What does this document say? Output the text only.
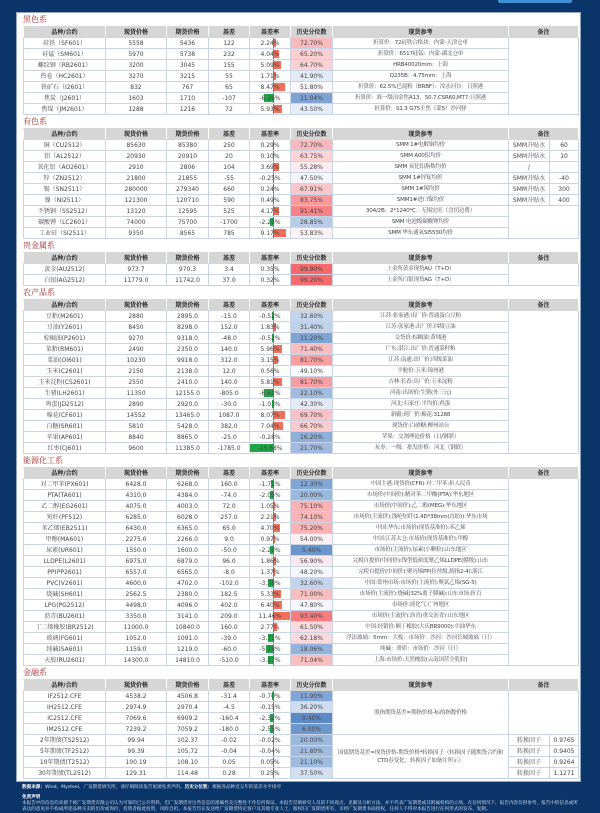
黑色系
品种/合约	现货价格	期货价格	基差	基差率	历史分位数	现货参考	备注
硅铁（SF601）	5558	5436	122	2.24%	72.70%	折算价：72硅铁合格块：内蒙-天津仓单	
硅锰（SM601）	5970	5738	232	4.04%	65.20%	折算价：6517硅锰：内蒙-湖北仓单	
螺纹钢（RB2601）	3200	3045	155	5.09%	64.70%	HRB40020mm：上海	
热卷（HC2601）	3270	3215	55	1.71%	41.90%	Q235B：4.75mm：上海	
铁矿石（I2601）	832	767	65	8.47%	51.80%	折算价：62.5%巴混粉（BRBF）：汝水河谷：日照港	
焦炭（J2601）	1603	1710	-107	-6.26%	11.04%	折算价：准一级冶金焦A13，S0.7,CSR60,MT7:日照港	
焦煤（JM2601）	1288	1216	72	5.93%	43.50%	折算价：S1.3 G75主焦（蒙5）沙河驿	
有色系
品种/合约	现货价格	期货价格	基差	基差率	历史分位数	现货参考	备注	
铜（CU2512）	85630	85380	250	0.29%	72.70%	SMM 1#电解铜均价	SMM升贴水	60
铝（AL2512）	20930	20910	20	0.10%	63.75%	SMM A00铝均价	SMM升贴水	10
氧化铝（AO2601）	2910	2806	104	3.69%	55.28%	SMM 氧化铝指数均价	/	
锌（ZN2512）	21800	21855	-55	-0.25%	47.50%	SMM 1#锌锭均价	SMM升贴水	-40
锡（SN2511）	280000	279340	660	0.24%	67.91%	SMM 1#锡均价	SMM升贴水	300
镍（NI2511）	121300	120710	590	0.49%	83.75%	SMM1#进口镍均价	SMM升贴水	400
不锈钢（SS2512）	13120	12595	525	4.17%	91.41%	304/2B：2*1240*C：无锡宏旺（含切边费）		
碳酸锂（LC2601）	74000	75700	-1700	-2.25%	28.85%	SMM 电池级碳酸锂均价		
工业硅（SI2511）	9350	8565	785	9.17%	53.83%	SMM 华东通氧SI5530均价		
贵金属系
品种/合约	现货价格	期货价格	基差	基差率	历史分位数	现货参考	备注
黄金(AU2512)	973.7	970.3	3.4	0.35%	99.90%	上金所黄金现货AU（T+D）	
白银(AG2512)	11779.0	11742.0	37.0	0.32%	99.20%	上金所白银现货AG（T+D）	
农产品系
品种/合约	现货价格	期货价格	基差	基差率	历史分位数	现货参考	备注
豆粕(M2601)	2880	2895.0	-15.0	-0.52%	32.60%	江苏:张家港:出厂价:普通蛋白豆粕	
豆油(Y2601)	8450	8298.0	152.0	1.83%	31.40%	江苏:张家港:出厂价:四级豆油	
棕榈油(P2601)	9270	9318.0	-48.0	-0.52%	11.20%	交货价:棕榈油:黄埔港	
菜粕(RM601)	2490	2350.0	140.0	5.96%	71.40%	广东:湛江:出厂价:普通菜籽粕	
菜油(OI601)	10230	9918.0	312.0	3.15%	81.70%	江苏:南通:出厂价:四级菜油	
玉米(C2601)	2150	2138.0	12.0	0.56%	49.10%	平舱价:玉米:锦州港	
玉米淀粉(CS2601)	2550	2410.0	140.0	5.81%	81.70%	吉林:长春:出厂价:玉米淀粉	
生猪(LH2601)	11350	12155.0	-805.0	-6.62%	22.10%	河南:出场价:生猪(外三元)	
鸡蛋(JD2512)	2890	2920.0	-30.0	-1.03%	42.30%	河北:石家庄:平均价:鸡蛋	
棉花(CF601)	14552	13465.0	1087.0	8.07%	69.70%	新疆:到厂价:棉花:31288	
白糖(SR601)	5810	5428.0	382.0	7.04%	66.70%	现货价:白砂糖:柳州站台	
苹果(AP601)	8840	8865.0	-25.0	-0.28%	16.20%	苹果：交割理论价格（日/钢联）	
红枣(CJ601)	9600	11385.0	-1785.0	-15.68%	21.70%	灰枣：一级：批发价格：河北（钢联）	
能源化工系
品种/合约	现货价格	期货价格	基差	基差率	历史分位数	现货参考	备注
对二甲苯(PX601)	6428.0	6268.0	160.0	-1.71%	12.30%	中国主港:现货价(CFR):对二甲苯:折人民币	
PTA(TA601)	4310.0	4384.0	-74.0	-2.05%	20.00%	市场价(中间价):精对苯二甲酸(PTA):华东地区	
乙二醇(EG2601)	4075.0	4003.0	72.0	1.05%	75.10%	市场价(中间价):乙二醇(MEG):华东地区	
短纤(PF512)	6285.0	6028.0	257.0	2.21%	74.10%	市场价(主流价):涤纶短纤(1.4D*38mm(直纺)):华东市场	
苯乙烯(EB2511)	6430.0	6365.0	65.0	4.70%	75.20%	中国:华东:市场价(现货基准价):苯乙烯	
甲醇(MA601)	2275.0	2266.0	9.0	0.97%	54.00%	中国:江苏太仓:市场价(现货基准价):甲醇	
尿素(UR601)	1550.0	1600.0	-50.0	-2.23%	5.40%	市场价(主流价):尿素(小颗粒):山东地区	
LLDPE(L2601)	6975.0	6879.0	96.0	1.86%	56.90%	完税自提价(中间价):线型低密度聚乙烯LLDPE(膜级):山东	
PP(PP2601)	6557.0	6565.0	-8.0	1.37%	48.20%	完税自提价(中间价):聚丙烯PP(拉丝级,熔指2-4):浙江	
PVC(V2601)	4600.0	4702.0	-102.0	-3.78%	32.60%	中国:常州市场:市场价(主流价):聚氯乙烯(SG-5)	
烧碱(SH601)	2562.5	2380.0	182.5	5.33%	71.00%	市场价(主流价):烧碱(32%离子膜碱):山东市场:折百	
LPG(PG2512)	4498.0	4096.0	402.0	6.40%	47.80%	市场价:液化气:广州地区	
沥青(BU2601)	3350.0	3141.0	209.0	11.46%	93.40%	市场价(主流价):沥青(重交沥青):山东地区	
丁二烯橡胶(BR2512)	11000.0	10840.0	160.0	2.77%	61.50%	中国:经销价:顺丁橡胶(大庆BR9000):中油华东	
玻璃(FG601)	1052.0	1091.0	-39.0	-3.71%	62.18%	浮法玻璃：5mm：大板：市场价：沙河：沙河长城玻璃（日）	
纯碱(SA601)	1159.0	1219.0	-60.0	-5.18%	18.06%	纯碱：重质：市场价：沙河（日）	
天胶(RU2601)	14300.0	14810.0	-510.0	-3.57%	71.04%	上海:市场价:天然橡胶(云南国营全乳胶)	
金融系
品种/合约	现货价格	期货价格	基差	基差率	历史分位数	现货参考	备注	
IF2512.CFE	4538.2	4506.8	-31.4	-0.70%	11.90%	股指期货基差=期指价格-标的指数价格		
IH2512.CFE	2974.9	2970.4	-4.5	-0.15%	36.20%			
IC2512.CFE	7069.6	6909.2	-160.4	-2.32%	0.40%			
IM2512.CFE	7239.2	7059.2	-180.0	-2.55%	6.00%			
2年期债(TS2512)	99.94	102.37	-0.02	-0.02%	20.00%	国债期货基差=现货价格-期货价格*转换因子（转换因子随期货合约和CTD券变化，转换因子如备注所示）	转换因子	0.9765
5年期债(TF2512)	99.39	105.72	-0.04	-0.04%	21.80%		转换因子	0.9405
10年期债(T2512)	100.19	108.10	0.05	0.05%	21.10%		转换因子	0.9264
30年期债(TL2512)	129.31	114.48	0.28	0.25%	37.50%		转换因子	1.1271
数据来源：Wind、Mysteel、广发期货研究所。请仔细阅读报告尾端免责声明。历史分位数：根据各品种近五年的基差水平排序
免责声明
本报告中的信息均来源于被广发期货有限公司认为可靠的已公开资料，但广发期货对这些信息的准确性及完整性不作任何保证。本报告反映研究人员的不同观点、见解及分析方法，并不代表广发期货或其附属机构的立场。在任何情况下，报告内容仅供参考，报告中的信息或所表达的意见并不构成所述品种买卖的出价或询价，投资者据此投资，风险自担。本报告旨在发送给广发期货特定客户及其他专业人士，版权归广发期货所有，未经广发期货书面授权，任何人不得对本报告进行任何形式的发布、复制。
